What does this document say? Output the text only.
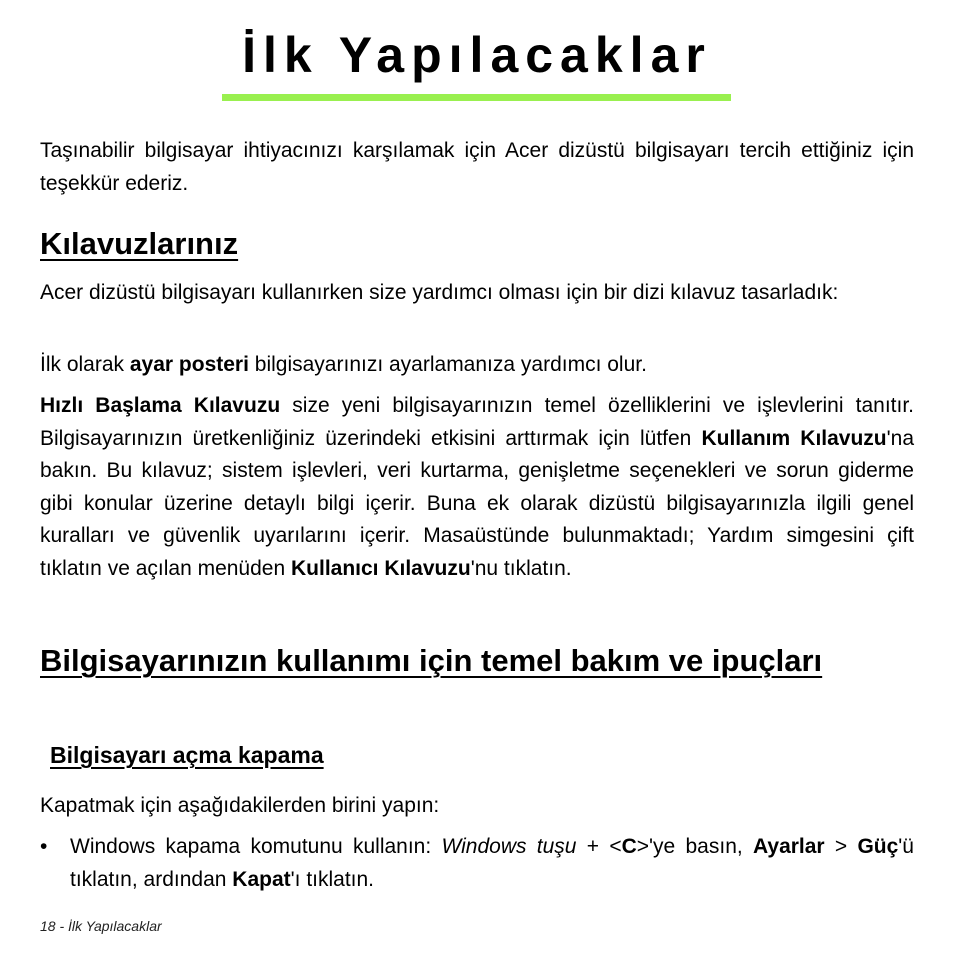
İlk Yapılacaklar

Taşınabilir bilgisayar ihtiyacınızı karşılamak için Acer dizüstü bilgisayarı tercih ettiğiniz için teşekkür ederiz.

Kılavuzlarınız

Acer dizüstü bilgisayarı kullanırken size yardımcı olması için bir dizi kılavuz tasarladık:

İlk olarak ayar posteri bilgisayarınızı ayarlamanıza yardımcı olur.

Hızlı Başlama Kılavuzu size yeni bilgisayarınızın temel özelliklerini ve işlevlerini tanıtır. Bilgisayarınızın üretkenliğiniz üzerindeki etkisini arttırmak için lütfen Kullanım Kılavuzu'na bakın. Bu kılavuz; sistem işlevleri, veri kurtarma, genişletme seçenekleri ve sorun giderme gibi konular üzerine detaylı bilgi içerir. Buna ek olarak dizüstü bilgisayarınızla ilgili genel kuralları ve güvenlik uyarılarını içerir. Masaüstünde bulunmaktadı; Yardım simgesini çift tıklatın ve açılan menüden Kullanıcı Kılavuzu'nu tıklatın.

Bilgisayarınızın kullanımı için temel bakım ve ipuçları
Bilgisayarı açma kapama

Kapatmak için aşağıdakilerden birini yapın:

• Windows kapama komutunu kullanın: Windows tuşu + <C>'ye basın, Ayarlar > Güç'ü tıklatın, ardından Kapat'ı tıklatın.
18 - İlk Yapılacaklar
